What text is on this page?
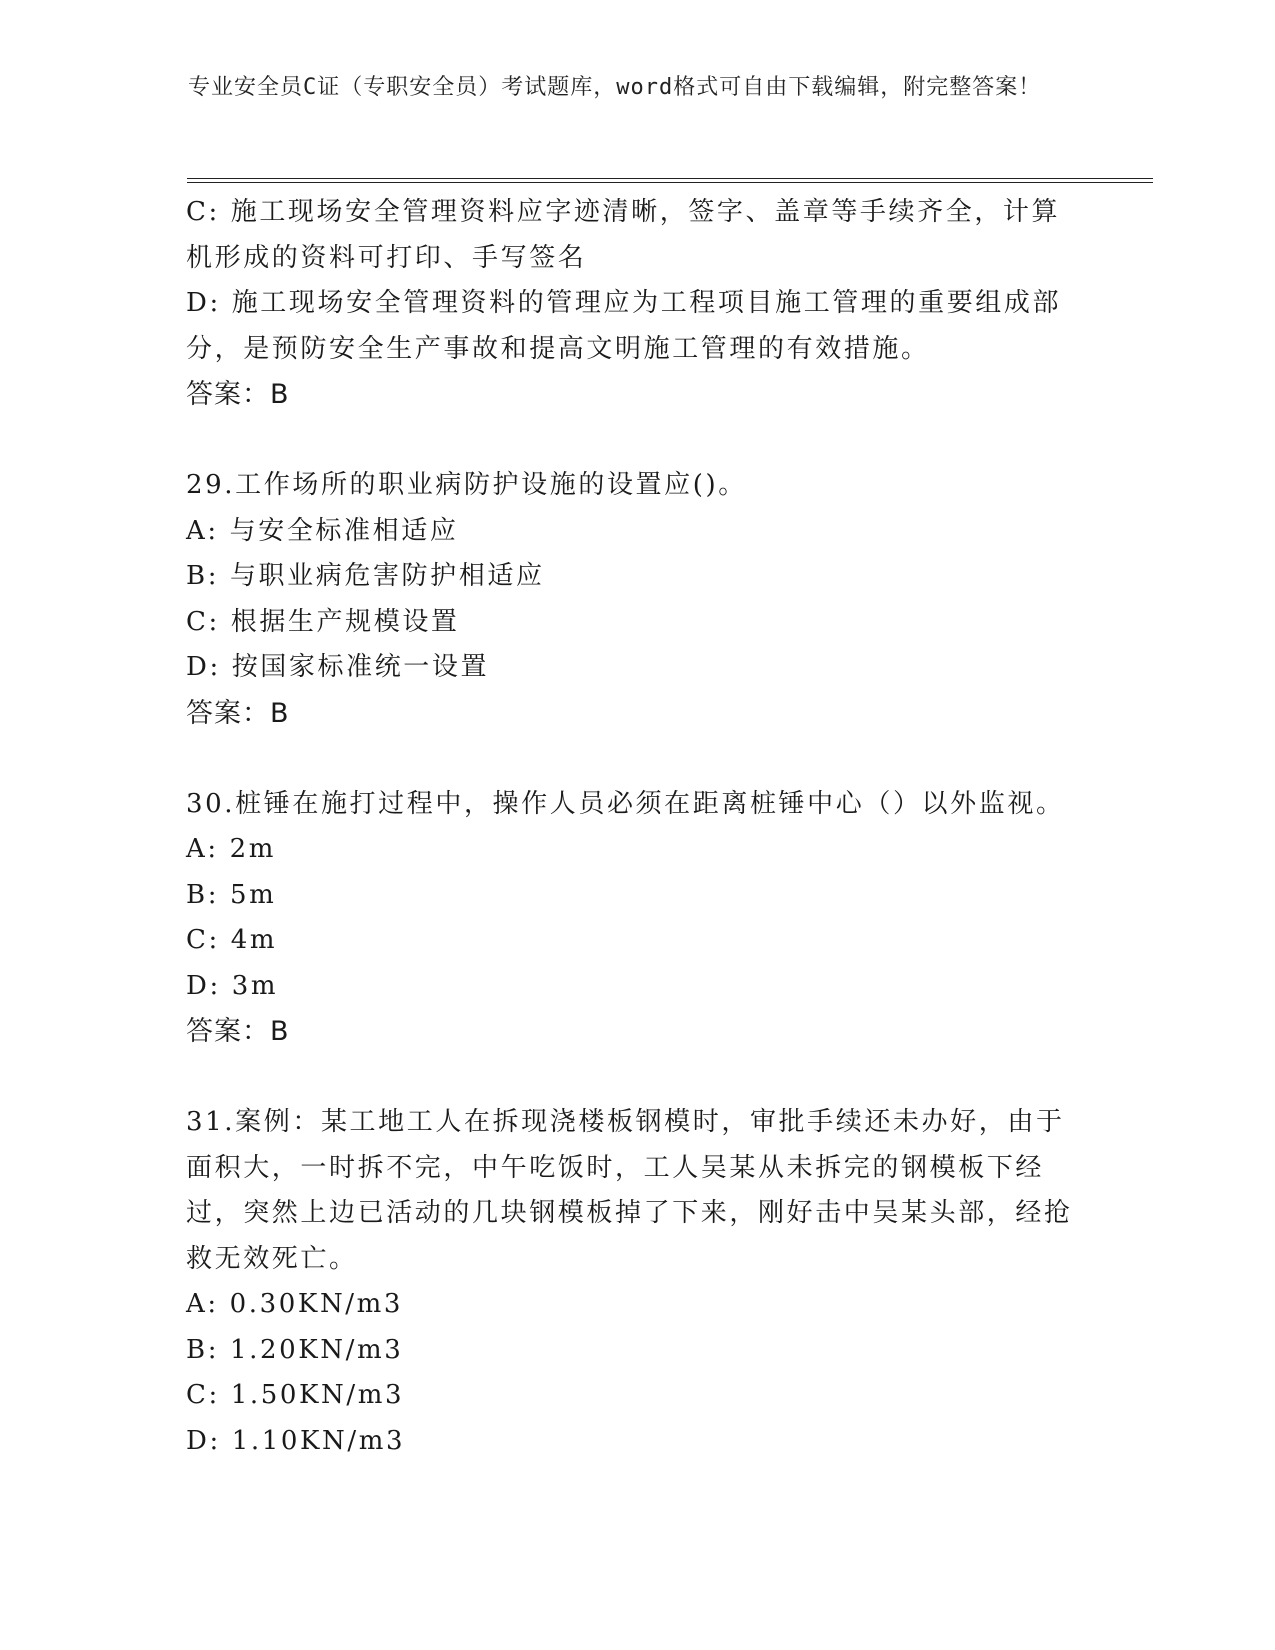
专业安全员C证（专职安全员）考试题库，word格式可自由下载编辑，附完整答案！

C: 施工现场安全管理资料应字迹清晰，签字、盖章等手续齐全，计算机形成的资料可打印、手写签名

D: 施工现场安全管理资料的管理应为工程项目施工管理的重要组成部分，是预防安全生产事故和提高文明施工管理的有效措施。

答案：B

29.工作场所的职业病防护设施的设置应()。

A: 与安全标准相适应

B: 与职业病危害防护相适应

C: 根据生产规模设置

D: 按国家标准统一设置

答案：B

30.桩锤在施打过程中，操作人员必须在距离桩锤中心（）以外监视。

A: 2m

B: 5m

C: 4m

D: 3m

答案：B

31.案例：某工地工人在拆现浇楼板钢模时，审批手续还未办好，由于面积大，一时拆不完，中午吃饭时，工人吴某从未拆完的钢模板下经过，突然上边已活动的几块钢模板掉了下来，刚好击中吴某头部，经抢救无效死亡。

A: 0.30KN/m3

B: 1.20KN/m3

C: 1.50KN/m3

D: 1.10KN/m3
